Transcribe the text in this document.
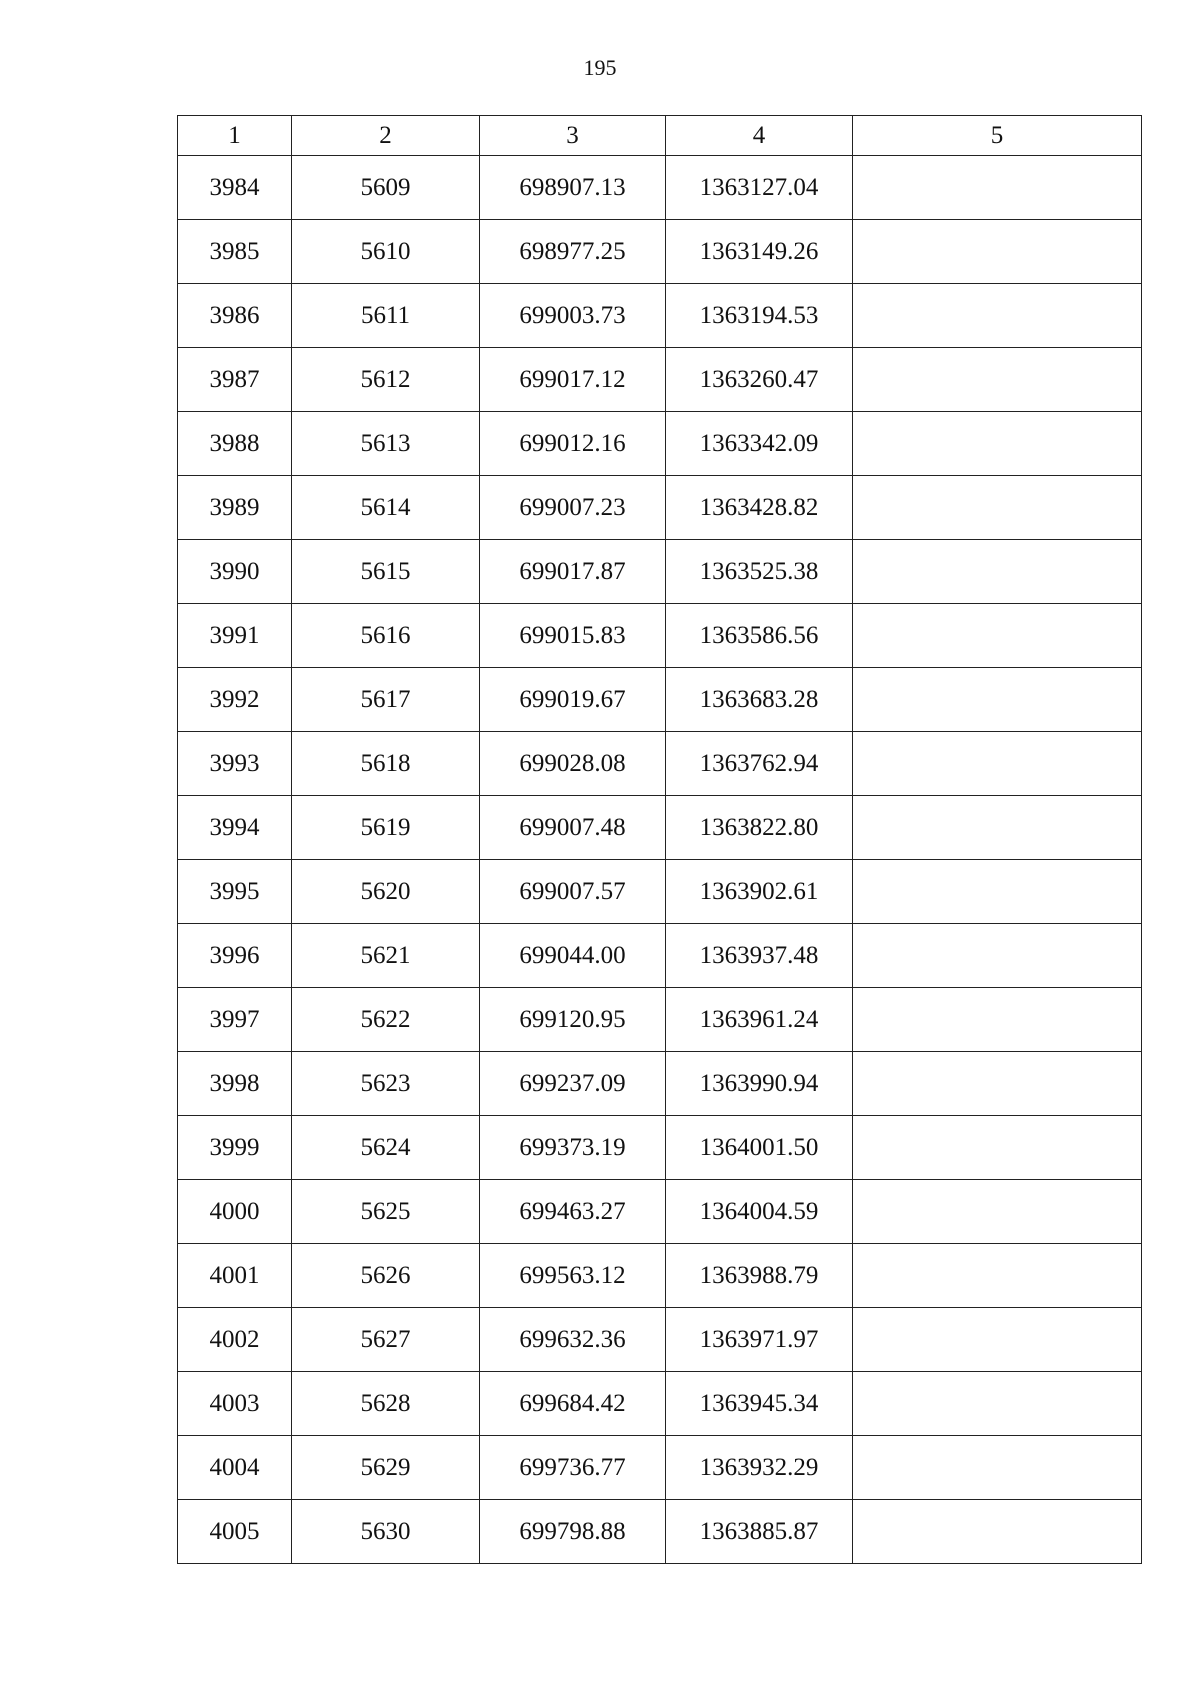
195
1	2	3	4	5
3984	5609	698907.13	1363127.04	
3985	5610	698977.25	1363149.26	
3986	5611	699003.73	1363194.53	
3987	5612	699017.12	1363260.47	
3988	5613	699012.16	1363342.09	
3989	5614	699007.23	1363428.82	
3990	5615	699017.87	1363525.38	
3991	5616	699015.83	1363586.56	
3992	5617	699019.67	1363683.28	
3993	5618	699028.08	1363762.94	
3994	5619	699007.48	1363822.80	
3995	5620	699007.57	1363902.61	
3996	5621	699044.00	1363937.48	
3997	5622	699120.95	1363961.24	
3998	5623	699237.09	1363990.94	
3999	5624	699373.19	1364001.50	
4000	5625	699463.27	1364004.59	
4001	5626	699563.12	1363988.79	
4002	5627	699632.36	1363971.97	
4003	5628	699684.42	1363945.34	
4004	5629	699736.77	1363932.29	
4005	5630	699798.88	1363885.87	
